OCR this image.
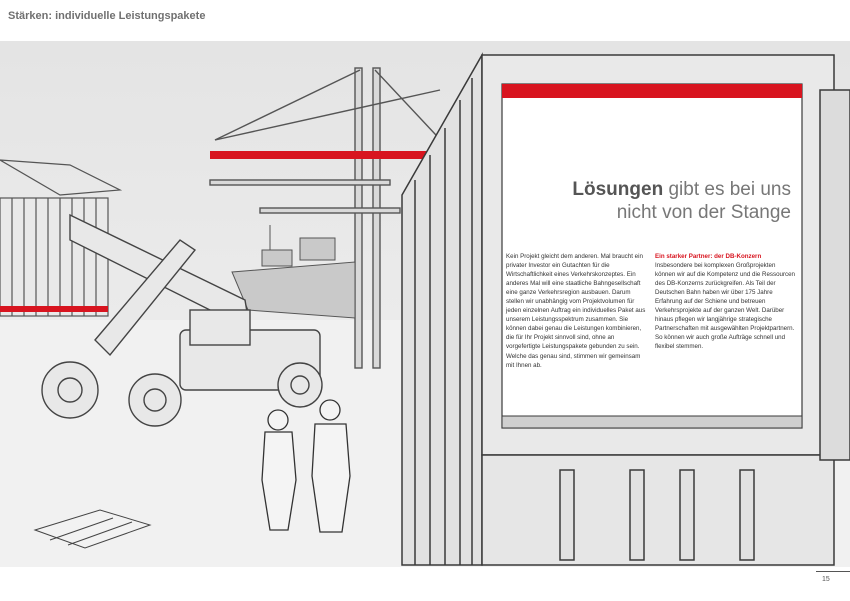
Stärken: individuelle Leistungspakete
Lösungen gibt es bei uns
nicht von der Stange
Kein Projekt gleicht dem anderen. Mal braucht ein privater Investor ein Gutachten für die Wirtschaftlichkeit eines Verkehrskonzeptes. Ein anderes Mal will eine staatliche Bahngesellschaft eine ganze Verkehrsregion ausbauen. Darum stellen wir unabhängig vom Projektvolumen für jeden einzelnen Auftrag ein individuelles Paket aus unserem Leistungsspektrum zusammen. Sie können dabei genau die Leistungen kombinieren, die für Ihr Projekt sinnvoll sind, ohne an vorgefertigte Leistungspakete gebunden zu sein. Welche das genau sind, stimmen wir gemeinsam mit Ihnen ab.
Ein starker Partner: der DB-Konzern
Insbesondere bei komplexen Großprojekten können wir auf die Kompetenz und die Ressourcen des DB-Konzerns zurückgreifen. Als Teil der Deutschen Bahn haben wir über 175 Jahre Erfahrung auf der Schiene und betreuen Verkehrsprojekte auf der ganzen Welt. Darüber hinaus pflegen wir langjährige strategische Partnerschaften mit ausgewählten Projektpartnern. So können wir auch große Aufträge schnell und flexibel stemmen.
15
